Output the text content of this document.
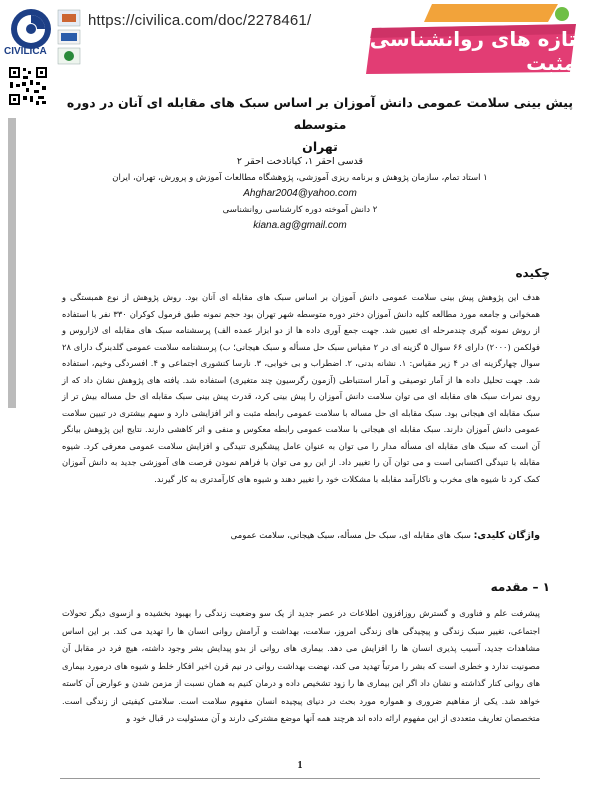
CIVILICA
https://civilica.com/doc/2278461/
تازه های روانشناسی مثبت
پیش بینی سلامت عمومی دانش آموزان بر اساس سبک های مقابله ای آنان در دوره متوسطه
تهران
قدسی احقر ۱، کیانادخت احقر ۲
۱ استاد تمام، سازمان پژوهش و برنامه ریزی آموزشی، پژوهشگاه مطالعات آموزش و پرورش، تهران، ایران
Ahghar2004@yahoo.com
۲ دانش آموخته دوره کارشناسی روانشناسی
kiana.ag@gmail.com
چکیده
هدف این پژوهش پیش بینی سلامت عمومی دانش آموزان بر اساس سبک های مقابله ای آنان بود. روش پژوهش از نوع همبستگی و همخوانی و جامعه مورد مطالعه کلیه دانش آموزان دختر دوره متوسطه شهر تهران بود حجم نمونه طبق فرمول کوکران ۳۳۰ نفر با استفاده از روش نمونه گیری چندمرحله ای تعیین شد. جهت جمع آوری داده ها از دو ابزار عمده الف) پرسشنامه سبک های مقابله ای لازاروس و فولکمن (۲۰۰۰) دارای ۶۶ سوال ۵ گزینه ای در ۲ مقیاس سبک حل مسأله و سبک هیجانی؛ ب) پرسشنامه سلامت عمومی گلدبنرگ دارای ۲۸ سوال چهارگزینه ای در ۴ زیر مقیاس: ۱. نشانه بدنی، ۲. اضطراب و بی خوابی، ۳. نارسا کنشوری اجتماعی و ۴. افسردگی وخیم، استفاده شد. جهت تحلیل داده ها از آمار توصیفی و آمار استنباطی (آزمون رگرسیون چند متغیری) استفاده شد. یافته های پژوهش نشان داد که از روی نمرات سبک های مقابله ای می توان سلامت دانش آموزان را پیش بینی کرد، قدرت پیش بینی سبک مقابله ای حل مساله بیش تر از سبک مقابله ای هیجانی بود. سبک مقابله ای حل مساله با سلامت عمومی رابطه مثبت و اثر افزایشی دارد و سهم بیشتری در تبیین سلامت عمومی دانش آموزان دارند. سبک مقابله ای هیجانی با سلامت عمومی رابطه معکوس و منفی و اثر کاهشی دارند. نتایج این پژوهش بیانگر آن است که سبک های مقابله ای مسأله مدار را می توان به عنوان عامل پیشگیری تنیدگی و افزایش سلامت عمومی معرفی کرد. شیوه مقابله با تنیدگی اکتسابی است و می توان آن را تغییر داد. از این رو می توان با فراهم نمودن فرصت های آموزشی جدید به دانش آموزان کمک کرد تا شیوه های مخرب و ناکارآمد مقابله با مشکلات خود را تغییر دهند و شیوه های کارآمدتری به کار گیرند.
واژگان کلیدی: سبک های مقابله ای، سبک حل مسأله، سبک هیجانی، سلامت عمومی
۱ – مقدمه
پیشرفت علم و فناوری و گسترش روزافزون اطلاعات در عصر جدید از یک سو وضعیت زندگی را بهبود بخشیده و ازسوی دیگر تحولات اجتماعی، تغییر سبک زندگی و پیچیدگی های زندگی امروز، سلامت، بهداشت و آرامش روانی انسان ها را تهدید می کند. بر این اساس مشاهدات جدید، آسیب پذیری انسان ها را افزایش می دهد. بیماری های روانی از بدو پیدایش بشر وجود داشته، هیچ فرد در مقابل آن مصونیت ندارد و خطری است که بشر را مرتباً تهدید می کند، نهضت بهداشت روانی در نیم قرن اخیر افکار خلط و شیوه های درمورد بیماری های روانی کنار گذاشته و نشان داد اگر این بیماری ها را زود تشخیص داده و درمان کنیم به همان نسبت از مزمن شدن و عوارض آن کاسته خواهد شد. یکی از مفاهیم ضروری و همواره مورد بحث در دنیای پیچیده انسان مفهوم سلامت است. سلامتی کیفیتی از زندگی است. متخصصان تعاریف متعددی از این مفهوم ارائه داده اند هرچند همه آنها موضع مشترکی دارند و آن مسئولیت در قبال خود و
1
